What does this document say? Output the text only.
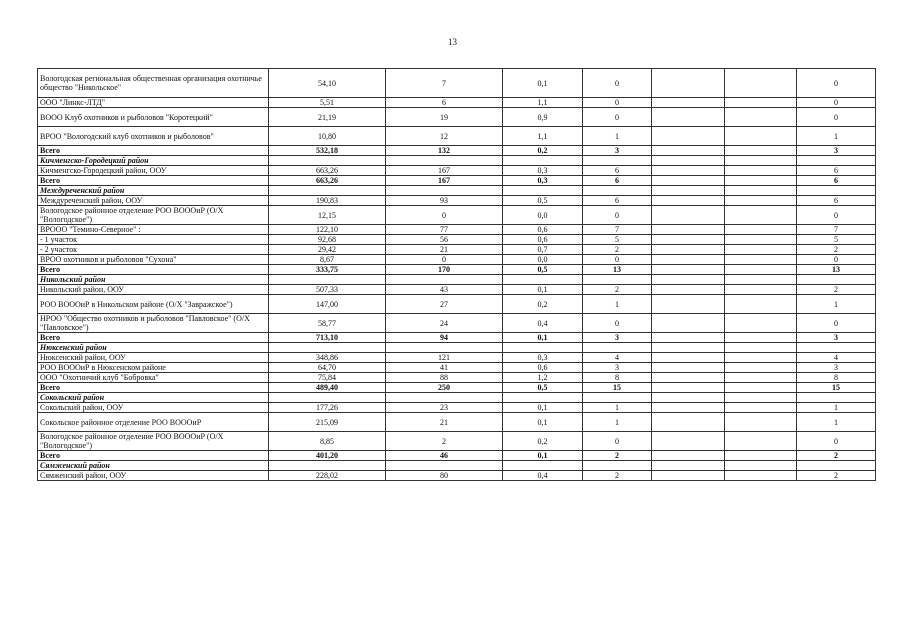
13
Вологодская региональная общественная организация охотничье общество "Никольское"	54,10	7	0,1	0			0
ООО "Линкс-ЛТД"	5,51	6	1,1	0			0
ВООО Клуб охотников и рыболовов "Коротецкий"	21,19	19	0,9	0			0
ВРОО "Вологодский клуб охотников и рыболовов"	10,80	12	1,1	1			1
Всего	532,18	132	0,2	3			3
Кичменгско-Городецкий район							
Кичменгско-Городецкий район, ООУ	663,26	167	0,3	6			6
Всего	663,26	167	0,3	6			6
Междуреченский район							
Междуреченский район, ООУ	190,83	93	0,5	6			6
Вологодское районное отделение РОО ВОООиР (О/Х "Вологодское")	12,15	0	0,0	0			0
ВРООО "Темино-Северное" :	122,10	77	0,6	7			7
- 1 участок	92,68	56	0,6	5			5
- 2 участок	29,42	21	0,7	2			2
ВРОО охотников и рыболовов "Сухона"	8,67	0	0,0	0			0
Всего	333,75	170	0,5	13			13
Никольский район							
Никольский район, ООУ	507,33	43	0,1	2			2
РОО ВОООиР в Никольском районе (О/Х "Завражское")	147,00	27	0,2	1			1
НРОО "Общество охотников и рыболовов "Павловское" (О/Х "Павловское")	58,77	24	0,4	0			0
Всего	713,10	94	0,1	3			3
Нюксенский район							
Нюксенский район, ООУ	348,86	121	0,3	4			4
РОО ВОООиР в Нюксенском районе	64,70	41	0,6	3			3
ООО "Охотничий клуб "Бобровка"	75,84	88	1,2	8			8
Всего	489,40	250	0,5	15			15
Сокольский район							
Сокольский район, ООУ	177,26	23	0,1	1			1
Сокольское районное отделение РОО ВОООиР	215,09	21	0,1	1			1
Вологодское районное отделение РОО ВОООиР (О/Х "Вологодское")	8,85	2	0,2	0			0
Всего	401,20	46	0,1	2			2
Сямженский район							
Сямженский район, ООУ	228,02	80	0,4	2			2
